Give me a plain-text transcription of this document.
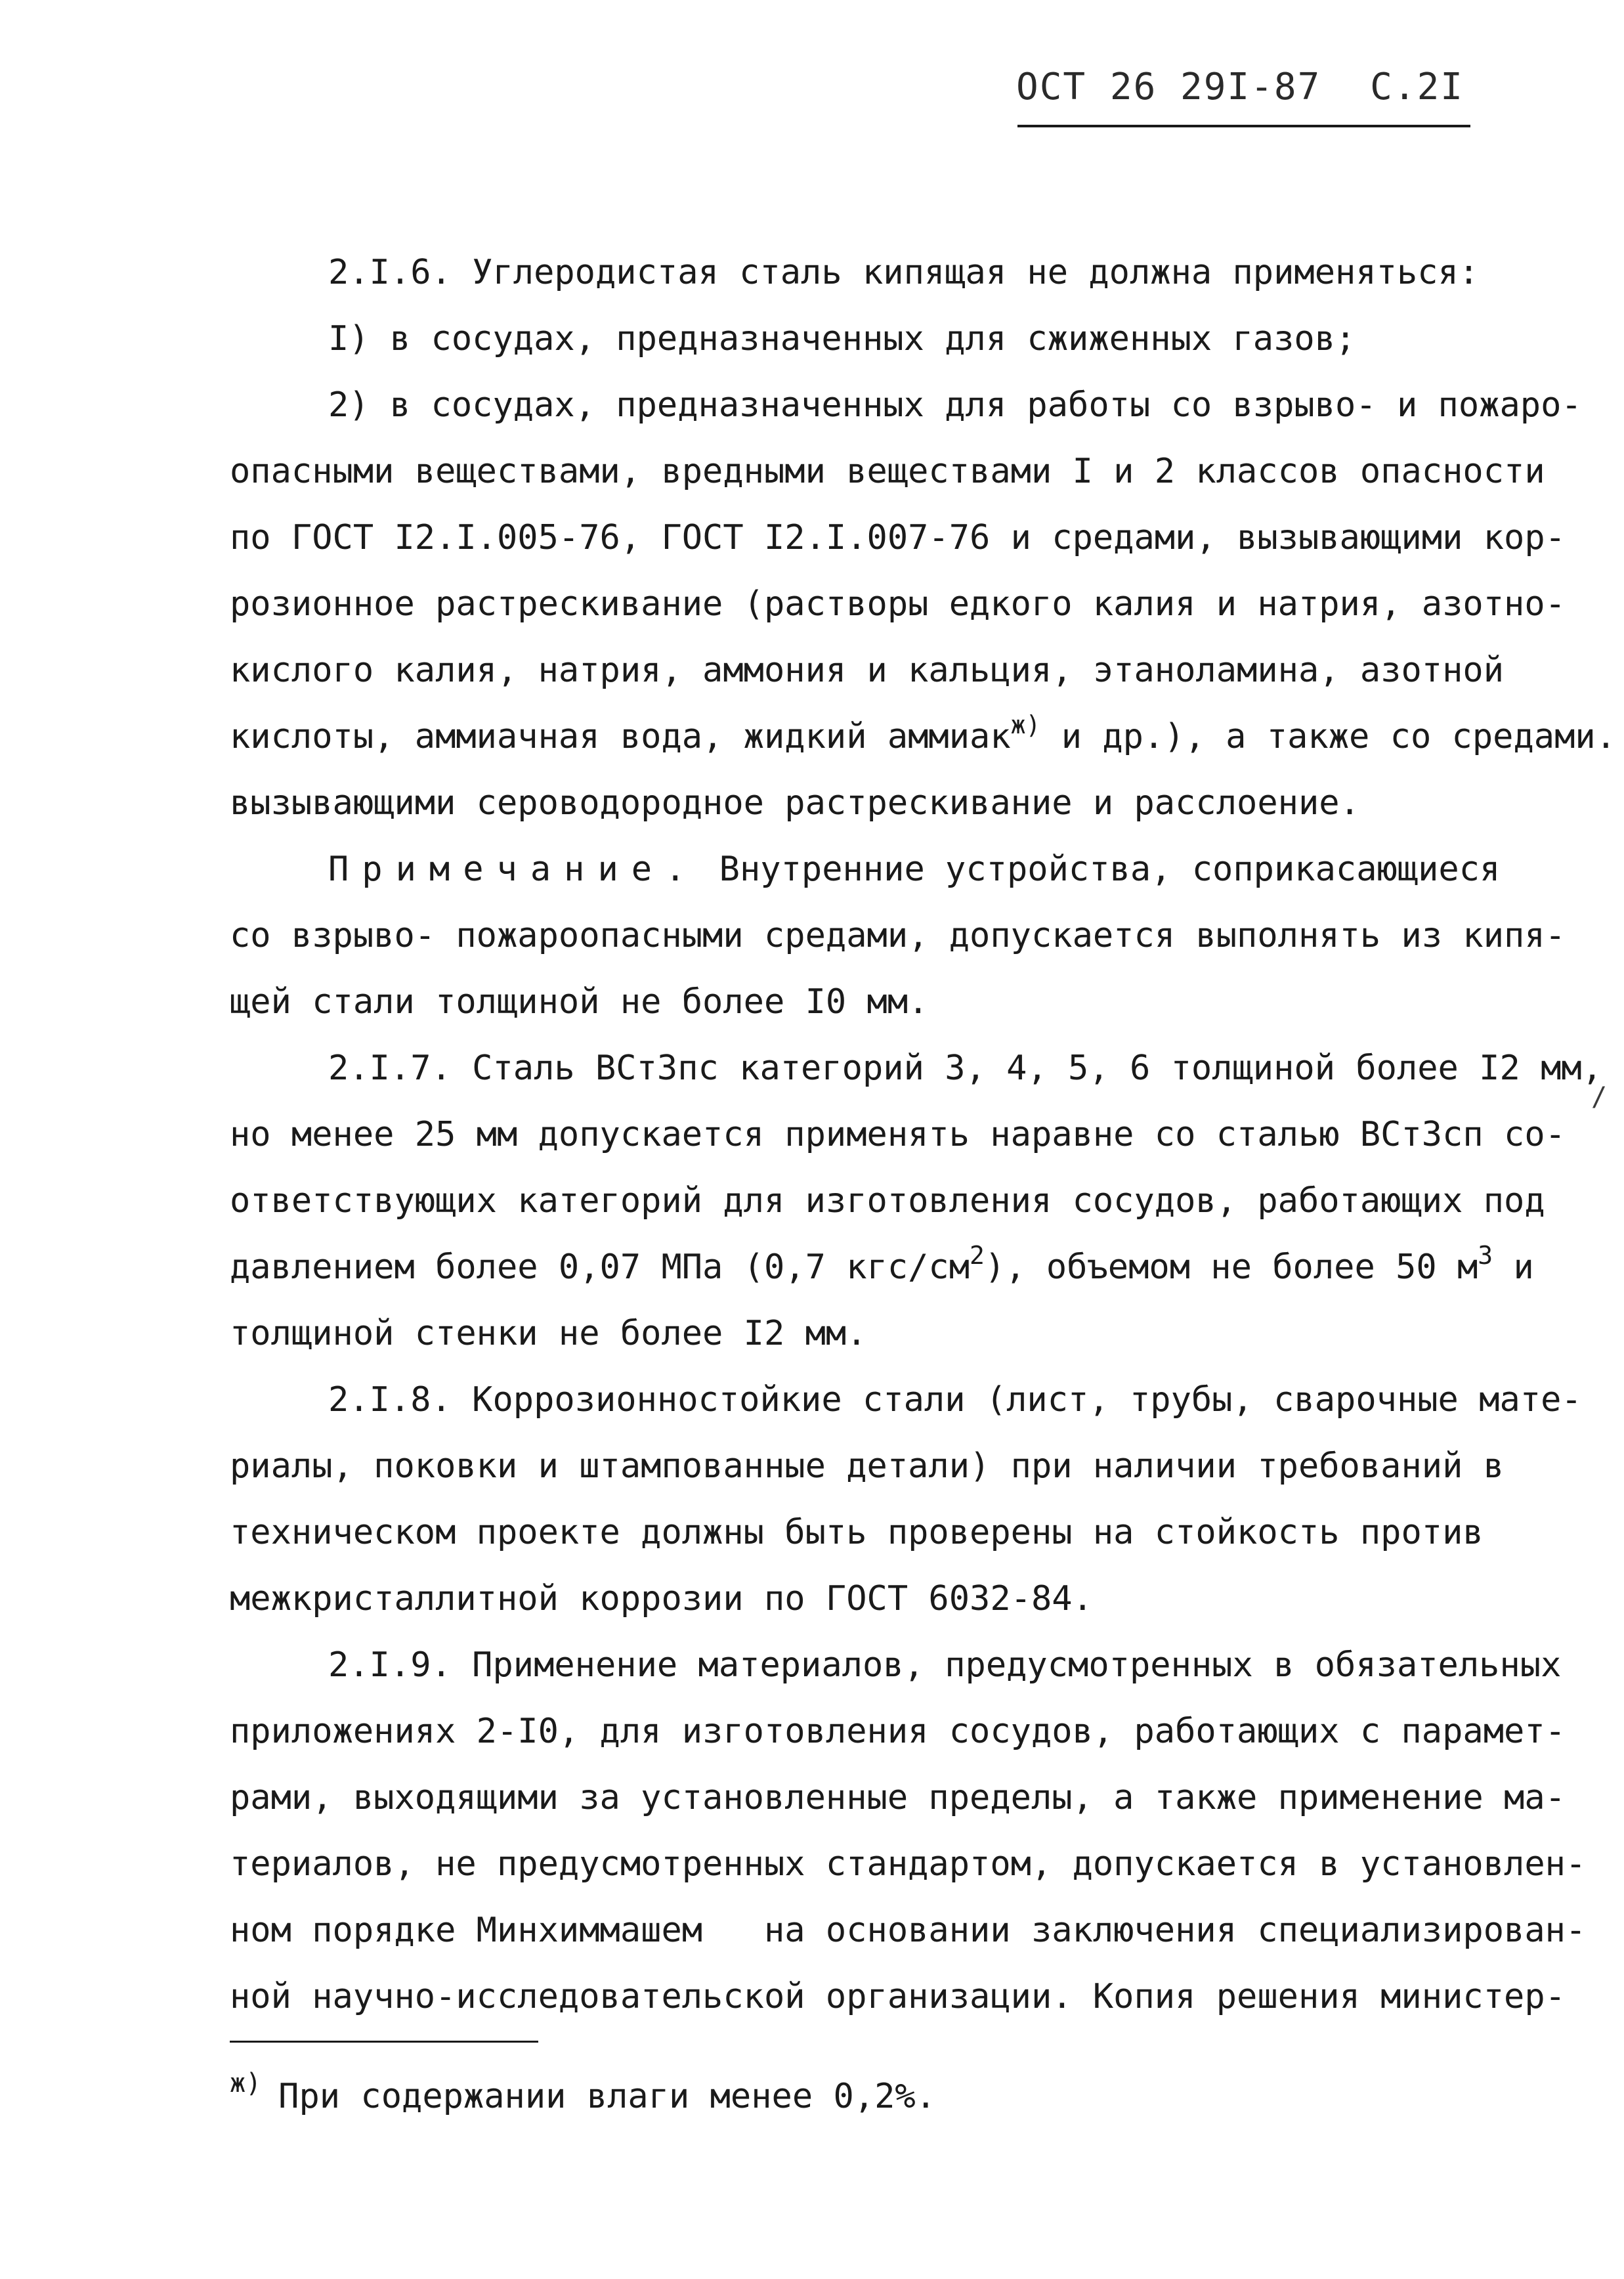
ОСТ 26 29I-87 С.2I
2.I.6. Углеродистая сталь кипящая не должна применяться:
I) в сосудах, предназначенных для сжиженных газов;
2) в сосудах, предназначенных для работы со взрыво- и пожаро-
опасными веществами, вредными веществами I и 2 классов опасности
по ГОСТ I2.I.005-76, ГОСТ I2.I.007-76 и средами, вызывающими кор-
розионное растрескивание (растворы едкого калия и натрия, азотно-
кислого калия, натрия, аммония и кальция, этаноламина, азотной
кислоты, аммиачная вода, жидкий аммиак$^{ж)}$ и др.), а также со средами.
вызывающими сероводородное растрескивание и расслоение.
Примечание. Внутренние устройства, соприкасающиеся
со взрыво- пожароопасными средами, допускается выполнять из кипя-
щей стали толщиной не более I0 мм.
2.I.7. Сталь ВСт3пс категорий 3, 4, 5, 6 толщиной более I2 мм,
но менее 25 мм допускается применять наравне со сталью ВСт3сп со-
ответствующих категорий для изготовления сосудов, работающих под
давлением более 0,07 МПа (0,7 кгс/см$^2$), объемом не более 50 м$^3$ и
толщиной стенки не более I2 мм.
2.I.8. Коррозионностойкие стали (лист, трубы, сварочные мате-
риалы, поковки и штампованные детали) при наличии требований в
техническом проекте должны быть проверены на стойкость против
межкристаллитной коррозии по ГОСТ 6032-84.
2.I.9. Применение материалов, предусмотренных в обязательных
приложениях 2-I0, для изготовления сосудов, работающих с парамет-
рами, выходящими за установленные пределы, а также применение ма-
териалов, не предусмотренных стандартом, допускается в установлен-
ном порядке Минхиммашем   на основании заключения специализирован-
ной научно-исследовательской организации. Копия решения министер-
/
$^{ж)}$ При содержании влаги менее 0,2%.
